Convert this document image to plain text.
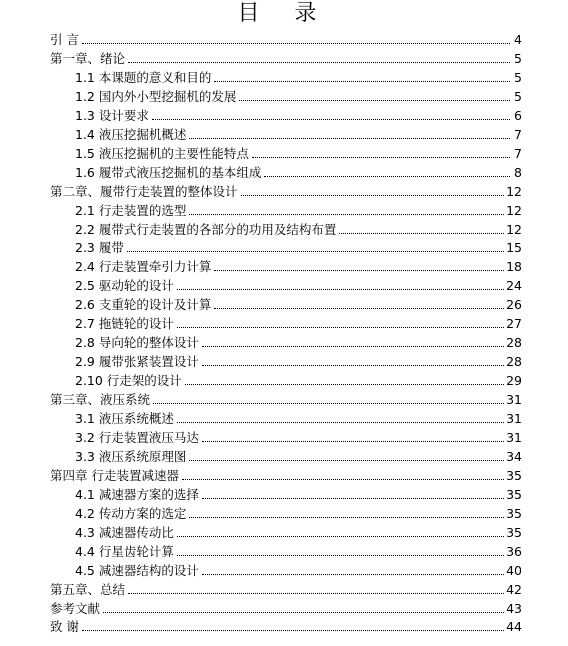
目 录
引 言	4
第一章、绪论	5
1.1 本课题的意义和目的	5
1.2 国内外小型挖掘机的发展	5
1.3 设计要求	6
1.4 液压挖掘机概述	7
1.5 液压挖掘机的主要性能特点	7
1.6 履带式液压挖掘机的基本组成	8
第二章、履带行走装置的整体设计	12
2.1 行走装置的选型	12
2.2 履带式行走装置的各部分的功用及结构布置	12
2.3 履带	15
2.4 行走装置牵引力计算	18
2.5 驱动轮的设计	24
2.6 支重轮的设计及计算	26
2.7 拖链轮的设计	27
2.8 导向轮的整体设计	28
2.9 履带张紧装置设计	28
2.10 行走架的设计	29
第三章、液压系统	31
3.1 液压系统概述	31
3.2 行走装置液压马达	31
3.3 液压系统原理图	34
第四章 行走装置减速器	35
4.1 减速器方案的选择	35
4.2 传动方案的选定	35
4.3 减速器传动比	35
4.4 行星齿轮计算	36
4.5 减速器结构的设计	40
第五章、总结	42
参考文献	43
致 谢	44
